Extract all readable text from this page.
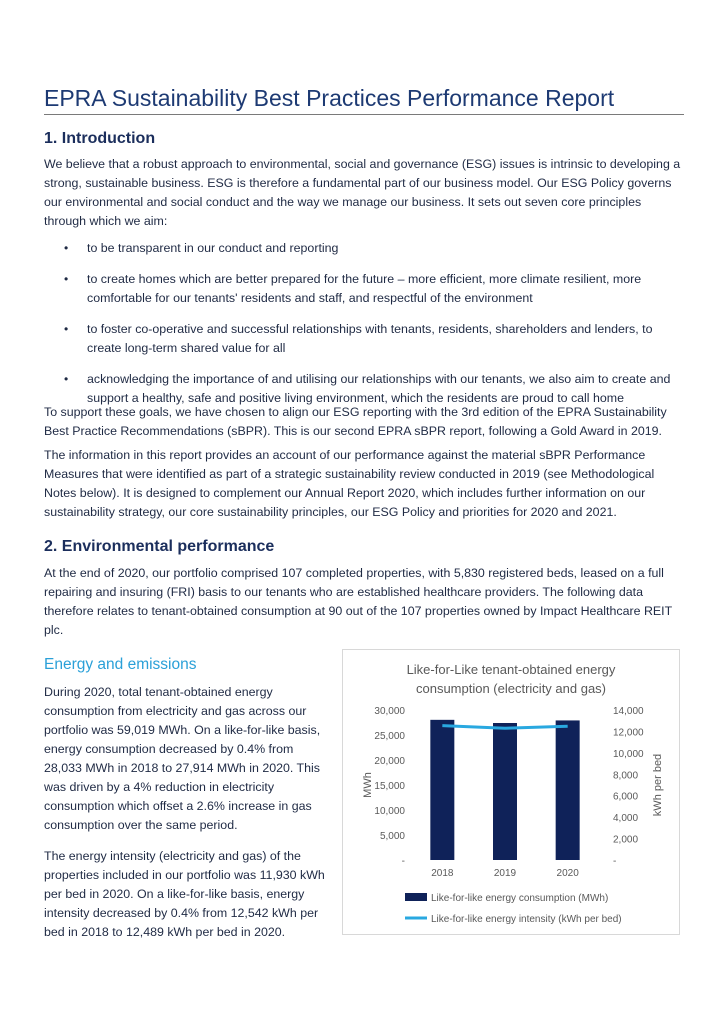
EPRA Sustainability Best Practices Performance Report
1. Introduction
We believe that a robust approach to environmental, social and governance (ESG) issues is intrinsic to developing a strong, sustainable business. ESG is therefore a fundamental part of our business model. Our ESG Policy governs our environmental and social conduct and the way we manage our business. It sets out seven core principles through which we aim:
• to be transparent in our conduct and reporting
• to create homes which are better prepared for the future – more efficient, more climate resilient, more comfortable for our tenants' residents and staff, and respectful of the environment
• to foster co-operative and successful relationships with tenants, residents, shareholders and lenders, to create long-term shared value for all
• acknowledging the importance of and utilising our relationships with our tenants, we also aim to create and support a healthy, safe and positive living environment, which the residents are proud to call home
To support these goals, we have chosen to align our ESG reporting with the 3rd edition of the EPRA Sustainability Best Practice Recommendations (sBPR). This is our second EPRA sBPR report, following a Gold Award in 2019.
The information in this report provides an account of our performance against the material sBPR Performance Measures that were identified as part of a strategic sustainability review conducted in 2019 (see Methodological Notes below). It is designed to complement our Annual Report 2020, which includes further information on our sustainability strategy, our core sustainability principles, our ESG Policy and priorities for 2020 and 2021.
2. Environmental performance
At the end of 2020, our portfolio comprised 107 completed properties, with 5,830 registered beds, leased on a full repairing and insuring (FRI) basis to our tenants who are established healthcare providers. The following data therefore relates to tenant-obtained consumption at 90 out of the 107 properties owned by Impact Healthcare REIT plc.
Energy and emissions

During 2020, total tenant-obtained energy consumption from electricity and gas across our portfolio was 59,019 MWh. On a like-for-like basis, energy consumption decreased by 0.4% from 28,033 MWh in 2018 to 27,914 MWh in 2020. This was driven by a 4% reduction in electricity consumption which offset a 2.6% increase in gas consumption over the same period.

The energy intensity (electricity and gas) of the properties included in our portfolio was 11,930 kWh per bed in 2020. On a like-for-like basis, energy intensity decreased by 0.4% from 12,542 kWh per bed in 2018 to 12,489 kWh per bed in 2020.

Like-for-Like tenant-obtained energy
consumption (electricity and gas)
-
5,000
10,000
15,000
20,000
25,000
30,000
-
2,000
4,000
6,000
8,000
10,000
12,000
14,000
MWh	kWh per bed
2018	2019	2020
Like-for-like energy consumption (MWh)
Like-for-like energy intensity (kWh per bed)
